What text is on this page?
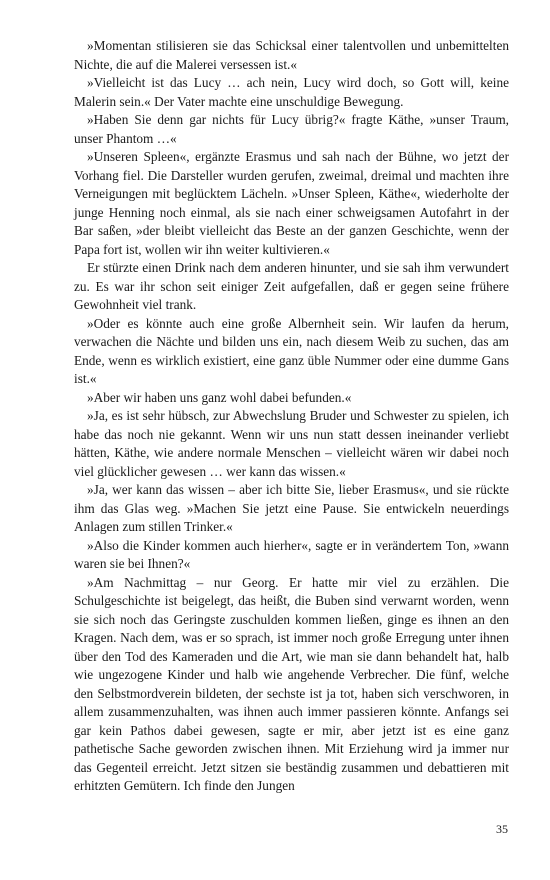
»Momentan stilisieren sie das Schicksal einer talentvollen und unbemittelten Nichte, die auf die Malerei versessen ist.«

»Vielleicht ist das Lucy … ach nein, Lucy wird doch, so Gott will, keine Malerin sein.« Der Vater machte eine unschuldige Bewegung.

»Haben Sie denn gar nichts für Lucy übrig?« fragte Käthe, »unser Traum, unser Phantom …«

»Unseren Spleen«, ergänzte Erasmus und sah nach der Bühne, wo jetzt der Vorhang fiel. Die Darsteller wurden gerufen, zweimal, dreimal und machten ihre Verneigungen mit beglücktem Lächeln. »Unser Spleen, Käthe«, wiederholte der junge Henning noch einmal, als sie nach einer schweigsamen Autofahrt in der Bar saßen, »der bleibt vielleicht das Beste an der ganzen Geschichte, wenn der Papa fort ist, wollen wir ihn weiter kultivieren.«

Er stürzte einen Drink nach dem anderen hinunter, und sie sah ihm verwundert zu. Es war ihr schon seit einiger Zeit aufgefallen, daß er gegen seine frühere Gewohnheit viel trank.

»Oder es könnte auch eine große Albernheit sein. Wir laufen da herum, verwachen die Nächte und bilden uns ein, nach diesem Weib zu suchen, das am Ende, wenn es wirklich existiert, eine ganz üble Nummer oder eine dumme Gans ist.«

»Aber wir haben uns ganz wohl dabei befunden.«

»Ja, es ist sehr hübsch, zur Abwechslung Bruder und Schwester zu spielen, ich habe das noch nie gekannt. Wenn wir uns nun statt dessen ineinander verliebt hätten, Käthe, wie andere normale Menschen – vielleicht wären wir dabei noch viel glücklicher gewesen … wer kann das wissen.«

»Ja, wer kann das wissen – aber ich bitte Sie, lieber Erasmus«, und sie rückte ihm das Glas weg. »Machen Sie jetzt eine Pause. Sie entwickeln neuerdings Anlagen zum stillen Trinker.«

»Also die Kinder kommen auch hierher«, sagte er in verändertem Ton, »wann waren sie bei Ihnen?«

»Am Nachmittag – nur Georg. Er hatte mir viel zu erzählen. Die Schulgeschichte ist beigelegt, das heißt, die Buben sind verwarnt worden, wenn sie sich noch das Geringste zuschulden kommen ließen, ginge es ihnen an den Kragen. Nach dem, was er so sprach, ist immer noch große Erregung unter ihnen über den Tod des Kameraden und die Art, wie man sie dann behandelt hat, halb wie ungezogene Kinder und halb wie angehende Verbrecher. Die fünf, welche den Selbstmordverein bildeten, der sechste ist ja tot, haben sich verschworen, in allem zusammenzuhalten, was ihnen auch immer passieren könnte. Anfangs sei gar kein Pathos dabei gewesen, sagte er mir, aber jetzt ist es eine ganz pathetische Sache geworden zwischen ihnen. Mit Erziehung wird ja immer nur das Gegenteil erreicht. Jetzt sitzen sie beständig zusammen und debattieren mit erhitzten Gemütern. Ich finde den Jungen

35
